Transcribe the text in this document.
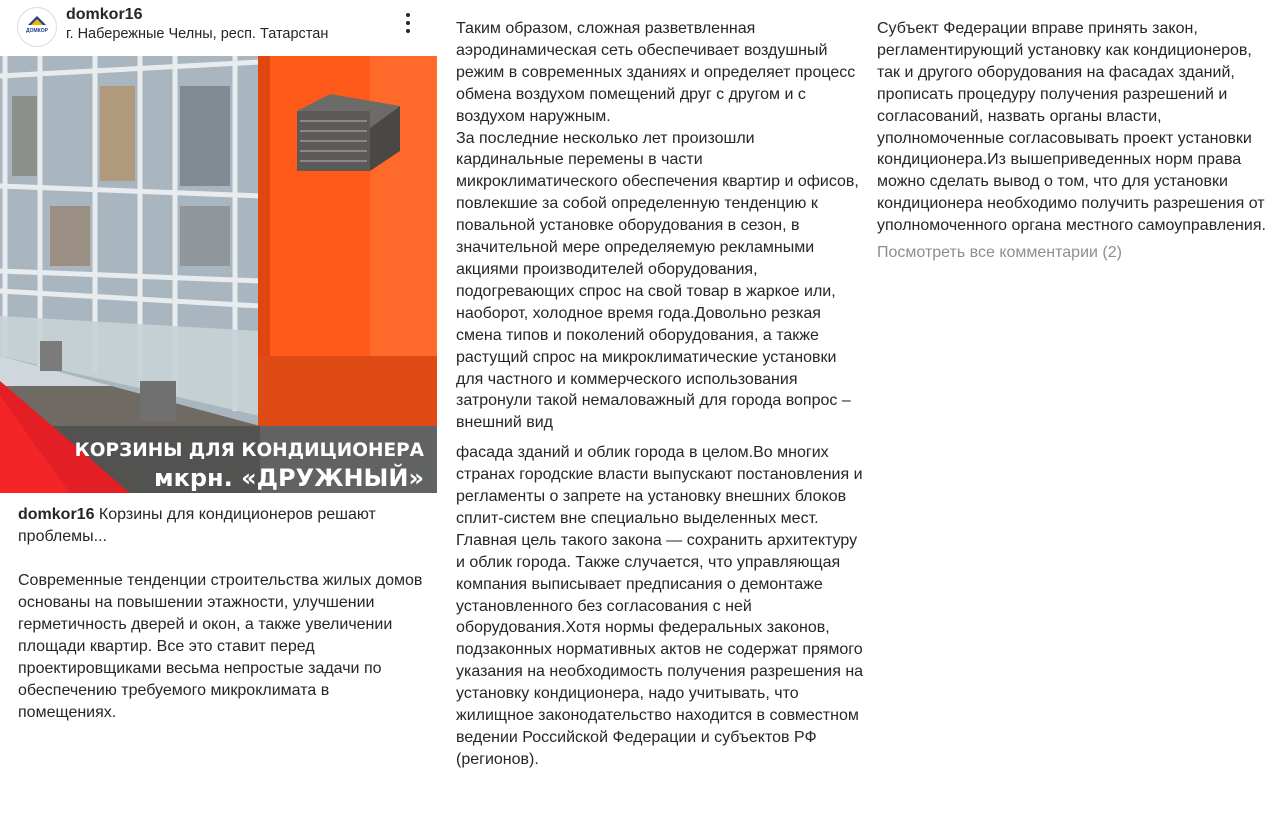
ДОМКОР
domkor16
г. Набережные Челны, респ. Татарстан
КОРЗИНЫ ДЛЯ КОНДИЦИОНЕРА
мкрн. «ДРУЖНЫЙ»

domkor16 Корзины для кондиционеров решают проблемы...

Современные тенденции строительства жилых домов основаны на повышении этажности, улучшении герметичность дверей и окон, а также увеличении площади квартир. Все это ставит перед проектировщиками весьма непростые задачи по обеспечению требуемого микроклимата в помещениях.

Таким образом, сложная разветвленная аэродинамическая сеть обеспечивает воздушный режим в современных зданиях и определяет процесс обмена воздухом помещений друг с другом и с воздухом наружным.

За последние несколько лет произошли кардинальные перемены в части микроклиматического обеспечения квартир и офисов, повлекшие за собой определенную тенденцию к повальной установке оборудования в сезон, в значительной мере определяемую рекламными акциями производителей оборудования, подогревающих спрос на свой товар в жаркое или, наоборот, холодное время года.Довольно резкая смена типов и поколений оборудования, а также растущий спрос на микроклиматические установки для частного и коммерческого использования затронули такой немаловажный для города вопрос – внешний вид

фасада зданий и облик города в целом.Во многих странах городские власти выпускают постановления и регламенты о запрете на установку внешних блоков сплит-систем вне специально выделенных мест. Главная цель такого закона — сохранить архитектуру и облик города. Также случается, что управляющая компания выписывает предписания о демонтаже установленного без согласования с ней оборудования.Хотя нормы федеральных законов, подзаконных нормативных актов не содержат прямого указания на необходимость получения разрешения на установку кондиционера, надо учитывать, что жилищное законодательство находится в совместном ведении Российской Федерации и субъектов РФ (регионов).

Субъект Федерации вправе принять закон, регламентирующий установку как кондиционеров, так и другого оборудования на фасадах зданий, прописать процедуру получения разрешений и согласований, назвать органы власти, уполномоченные согласовывать проект установки кондиционера.Из вышеприведенных норм права можно сделать вывод о том, что для установки кондиционера необходимо получить разрешения от уполномоченного органа местного самоуправления.

Посмотреть все комментарии (2)
